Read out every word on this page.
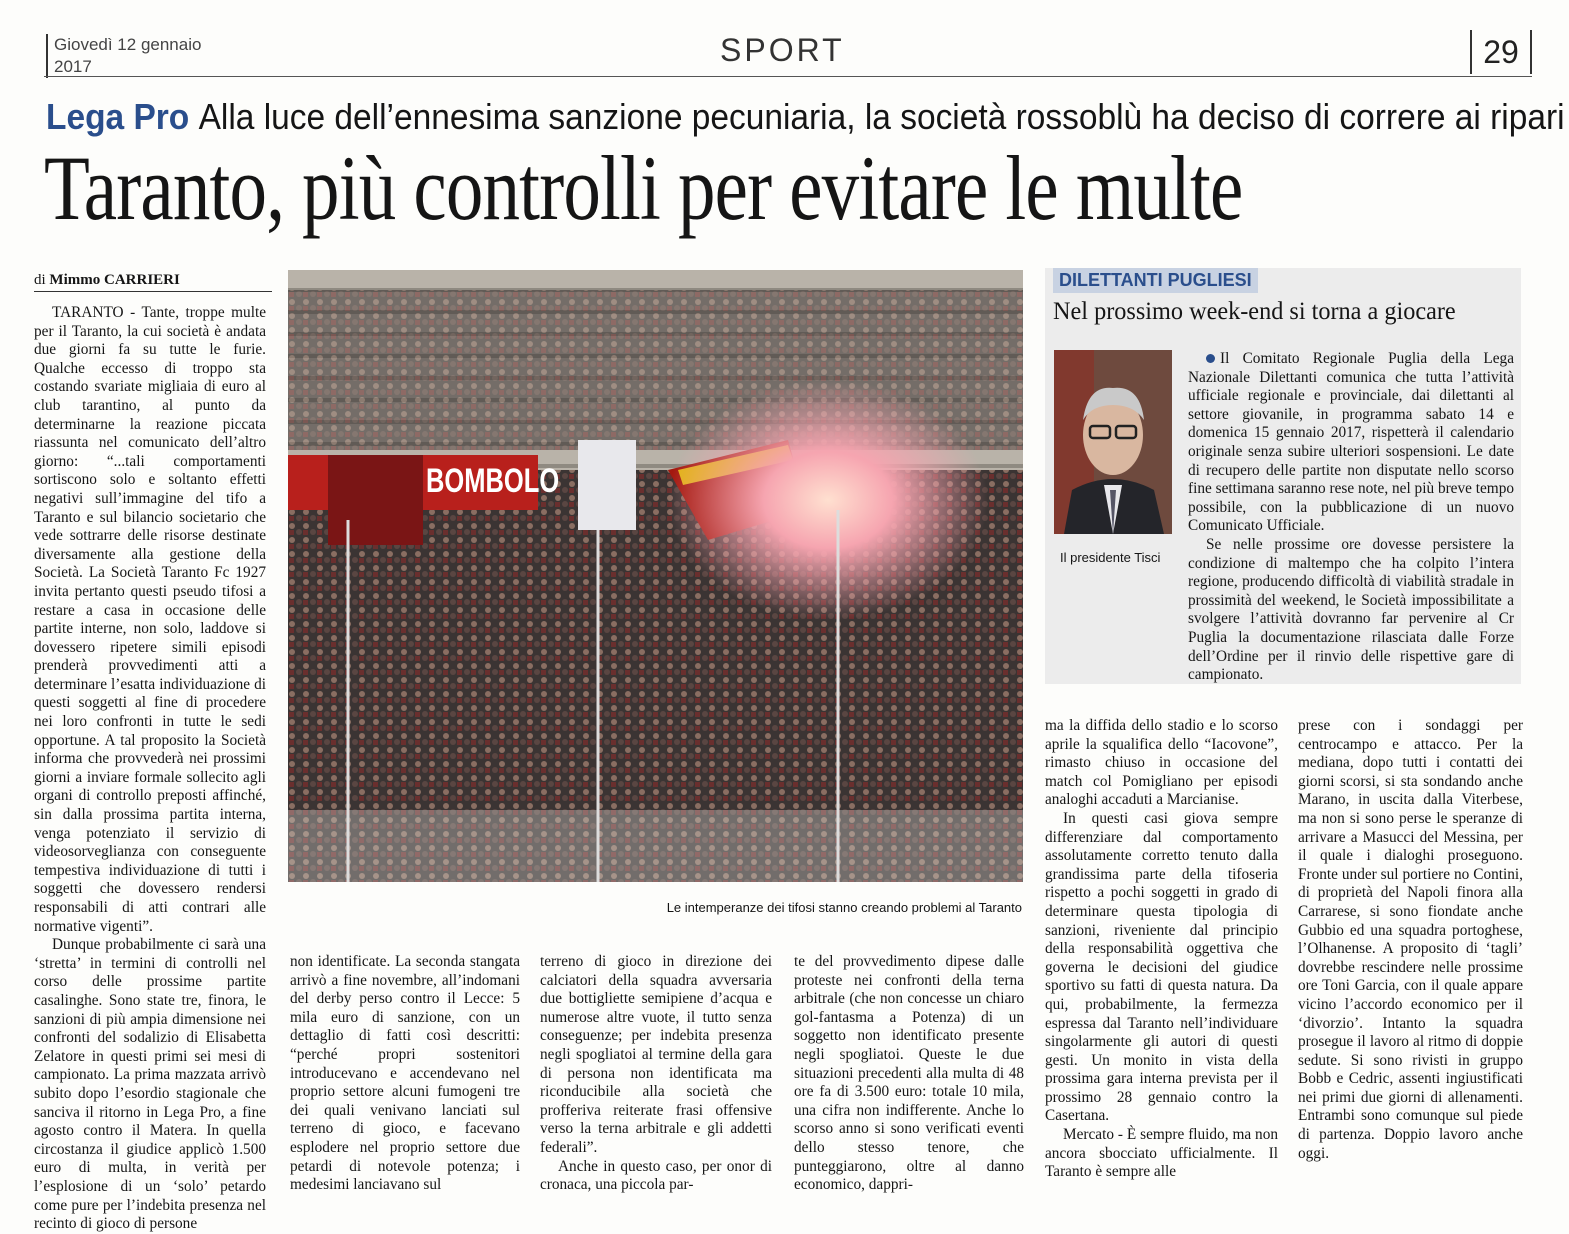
Giovedì 12 gennaio
2017	SPORT	29
Lega Pro Alla luce dell’ennesima sanzione pecuniaria, la società rossoblù ha deciso di correre ai ripari
Taranto, più controlli per evitare le multe
di Mimmo CARRIERI

TARANTO - Tante, troppe multe per il Taranto, la cui società è andata due giorni fa su tutte le furie. Qualche eccesso di troppo sta costando svariate migliaia di euro al club tarantino, al punto da determinarne la reazione piccata riassunta nel comunicato dell’altro giorno: “...tali comportamenti sortiscono solo e soltanto effetti negativi sull’immagine del tifo a Taranto e sul bilancio societario che vede sottrarre delle risorse destinate diversamente alla gestione della Società. La Società Taranto Fc 1927 invita pertanto questi pseudo tifosi a restare a casa in occasione delle partite interne, non solo, laddove si dovessero ripetere simili episodi prenderà provvedimenti atti a determinare l’esatta individuazione di questi soggetti al fine di procedere nei loro confronti in tutte le sedi opportune. A tal proposito la Società informa che provvederà nei prossimi giorni a inviare formale sollecito agli organi di controllo preposti affinché, sin dalla prossima partita interna, venga potenziato il servizio di videosorveglianza con conseguente tempestiva individuazione di tutti i soggetti che dovessero rendersi responsabili di atti contrari alle normative vigenti”.

Dunque probabilmente ci sarà una ‘stretta’ in termini di controlli nel corso delle prossime partite casalinghe. Sono state tre, finora, le sanzioni di più ampia dimensione nei confronti del sodalizio di Elisabetta Zelatore in questi primi sei mesi di campionato. La prima mazzata arrivò subito dopo l’esordio stagionale che sanciva il ritorno in Lega Pro, a fine agosto contro il Matera. In quella circostanza il giudice applicò 1.500 euro di multa, in verità per l’esplosione di un ‘solo’ petardo come pure per l’indebita presenza nel recinto di gioco di persone

BOMBOLO
Le intemperanze dei tifosi stanno creando problemi al Taranto

non identificate. La seconda stangata arrivò a fine novembre, all’indomani del derby perso contro il Lecce: 5 mila euro di sanzione, con un dettaglio di fatti così descritti: “perché propri sostenitori introducevano e accendevano nel proprio settore alcuni fumogeni tre dei quali venivano lanciati sul terreno di gioco, e facevano esplodere nel proprio settore due petardi di notevole potenza; i medesimi lanciavano sul

terreno di gioco in direzione dei calciatori della squadra avversaria due bottigliette semipiene d’acqua e numerose altre vuote, il tutto senza conseguenze; per indebita presenza negli spogliatoi al termine della gara di persona non identificata ma riconducibile alla società che profferiva reiterate frasi offensive verso la terna arbitrale e gli addetti federali”.

Anche in questo caso, per onor di cronaca, una piccola par-

te del provvedimento dipese dalle proteste nei confronti della terna arbitrale (che non concesse un chiaro gol-fantasma a Potenza) di un soggetto non identificato presente negli spogliatoi. Queste le due situazioni precedenti alla multa di 48 ore fa di 3.500 euro: totale 10 mila, una cifra non indifferente. Anche lo scorso anno si sono verificati eventi dello stesso tenore, che punteggiarono, oltre al danno economico, dappri-

ma la diffida dello stadio e lo scorso aprile la squalifica dello “Iacovone”, rimasto chiuso in occasione del match col Pomigliano per episodi analoghi accaduti a Marcianise.

In questi casi giova sempre differenziare dal comportamento assolutamente corretto tenuto dalla grandissima parte della tifoseria rispetto a pochi soggetti in grado di determinare questa tipologia di sanzioni, riveniente dal principio della responsabilità oggettiva che governa le decisioni del giudice sportivo su fatti di questa natura. Da qui, probabilmente, la fermezza espressa dal Taranto nell’individuare singolarmente gli autori di questi gesti. Un monito in vista della prossima gara interna prevista per il prossimo 28 gennaio contro la Casertana.

Mercato - È sempre fluido, ma non ancora sbocciato ufficialmente. Il Taranto è sempre alle

prese con i sondaggi per centrocampo e attacco. Per la mediana, dopo tutti i contatti dei giorni scorsi, si sta sondando anche Marano, in uscita dalla Viterbese, ma non si sono perse le speranze di arrivare a Masucci del Messina, per il quale i dialoghi proseguono. Fronte under sul portiere no Contini, di proprietà del Napoli finora alla Carrarese, si sono fiondate anche Gubbio ed una squadra portoghese, l’Olhanense. A proposito di ‘tagli’ dovrebbe rescindere nelle prossime ore Toni Garcia, con il quale appare vicino l’accordo economico per il ‘divorzio’. Intanto la squadra prosegue il lavoro al ritmo di doppie sedute. Si sono rivisti in gruppo Bobb e Cedric, assenti ingiustificati nei primi due giorni di allenamenti. Entrambi sono comunque sul piede di partenza. Doppio lavoro anche oggi.

DILETTANTI PUGLIESI
Nel prossimo week-end si torna a giocare
Il presidente Tisci

Il Comitato Regionale Puglia della Lega Nazionale Dilettanti comunica che tutta l’attività ufficiale regionale e provinciale, dai dilettanti al settore giovanile, in programma sabato 14 e domenica 15 gennaio 2017, rispetterà il calendario originale senza subire ulteriori sospensioni. Le date di recupero delle partite non disputate nello scorso fine settimana saranno rese note, nel più breve tempo possibile, con la pubblicazione di un nuovo Comunicato Ufficiale.

Se nelle prossime ore dovesse persistere la condizione di maltempo che ha colpito l’intera regione, producendo difficoltà di viabilità stradale in prossimità del weekend, le Società impossibilitate a svolgere l’attività dovranno far pervenire al Cr Puglia la documentazione rilasciata dalle Forze dell’Ordine per il rinvio delle rispettive gare di campionato.
